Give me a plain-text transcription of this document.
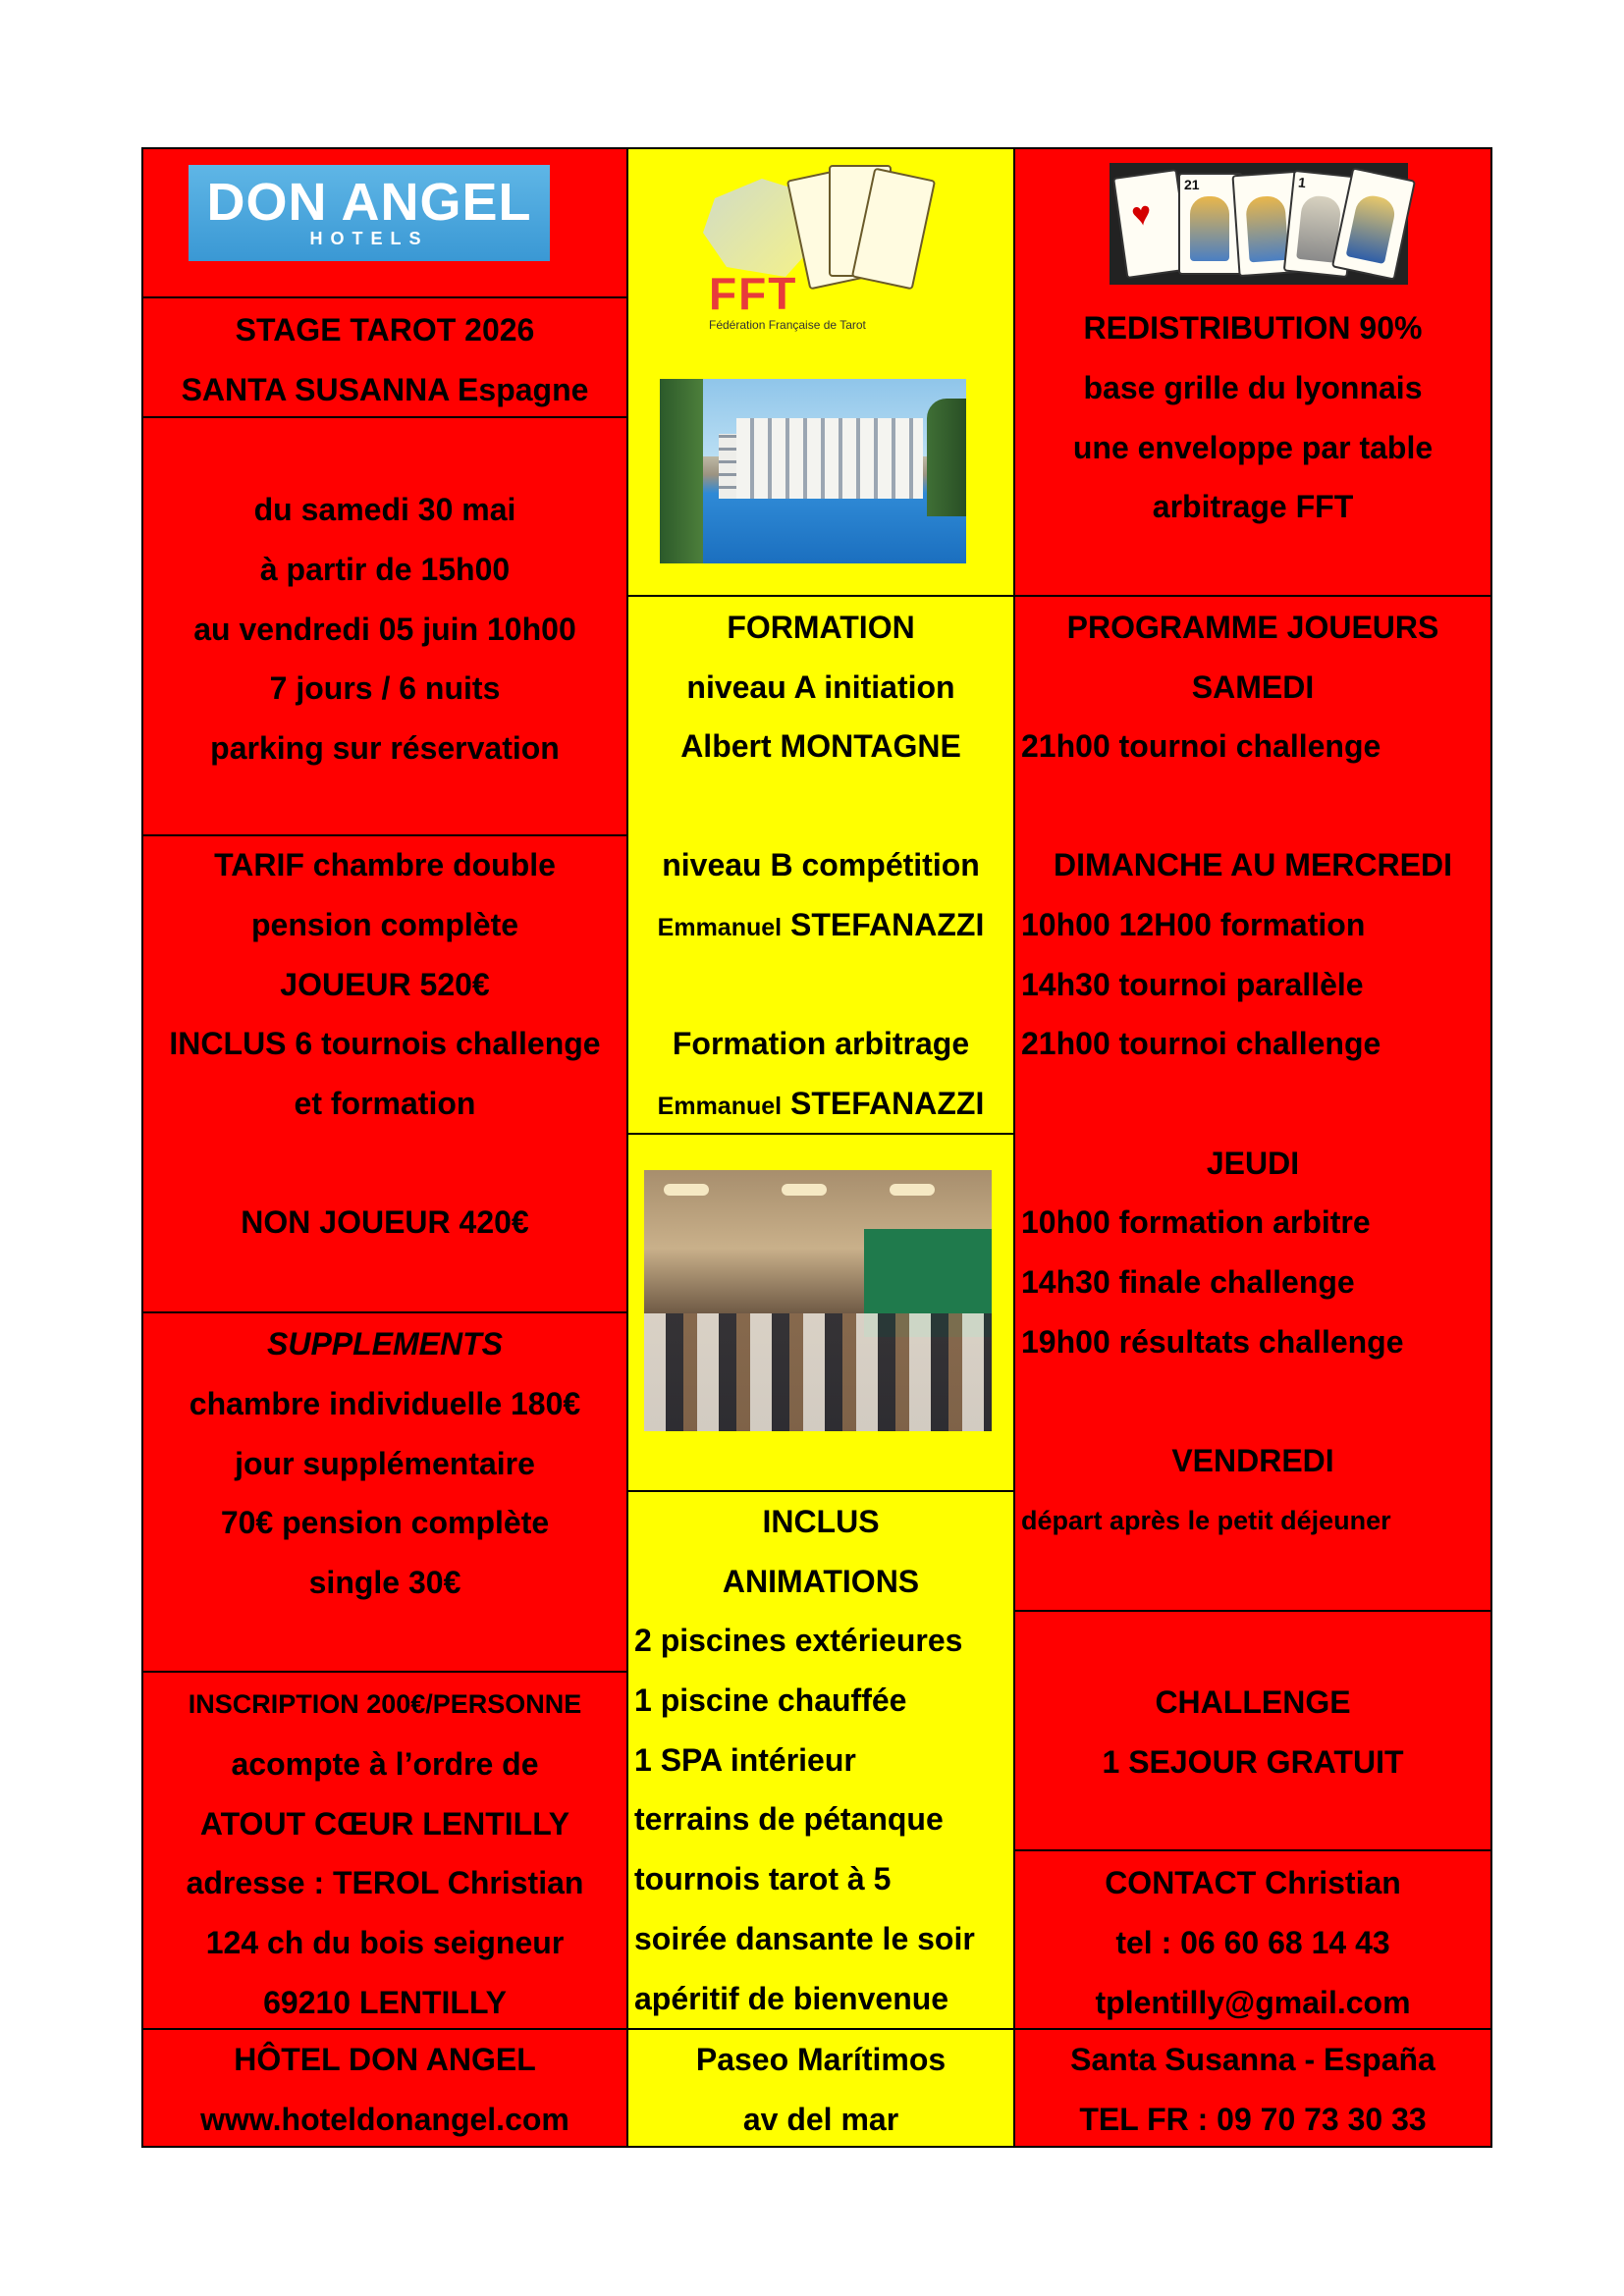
DON ANGEL
HOTELS
STAGE TAROT 2026
SANTA SUSANNA Espagne
du samedi 30 mai
à partir de 15h00
au vendredi 05 juin 10h00
7 jours / 6 nuits
parking sur réservation
TARIF chambre double
pension complète
JOUEUR 520€
INCLUS 6 tournois challenge
et formation
NON JOUEUR 420€
SUPPLEMENTS
chambre individuelle 180€
jour supplémentaire
70€ pension complète
single 30€
INSCRIPTION 200€/PERSONNE
acompte à l’ordre de
ATOUT CŒUR LENTILLY
adresse : TEROL Christian
124 ch du bois seigneur
69210 LENTILLY
HÔTEL DON ANGEL
www.hoteldonangel.com
FFT
Fédération Française de Tarot
FORMATION
niveau A initiation
Albert MONTAGNE
niveau B compétition
Emmanuel STEFANAZZI
Formation arbitrage
Emmanuel STEFANAZZI
INCLUS
ANIMATIONS
2 piscines extérieures
1 piscine chauffée
1 SPA intérieur
terrains de pétanque
tournois tarot à 5
soirée dansante le soir
apéritif de bienvenue
Paseo Marítimos
av del mar
REDISTRIBUTION 90%
base grille du lyonnais
une enveloppe par table
arbitrage FFT
♥
21	1
PROGRAMME JOUEURS
SAMEDI
21h00 tournoi challenge
DIMANCHE AU MERCREDI
10h00 12H00 formation
14h30 tournoi parallèle
21h00 tournoi challenge
JEUDI
10h00 formation arbitre
14h30 finale challenge
19h00 résultats challenge
VENDREDI
départ après le petit déjeuner
CHALLENGE
1 SEJOUR GRATUIT
CONTACT Christian
tel : 06 60 68 14 43
tplentilly@gmail.com
Santa Susanna - España
TEL FR : 09 70 73 30 33
